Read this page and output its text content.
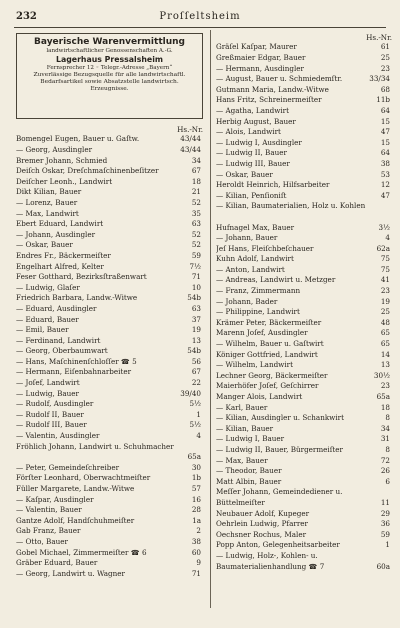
232	Proſſeltsheim
Bayerische Warenvermittlung
landwirtschaftlicher Genossenschaften A.-G.
Lagerhaus Pressalsheim
Fernsprecher 12 ◦ Telegr.-Adresse „Bayern“
Zuverlässige Bezugsquelle für alle landwirtschaftl. Bedarfsartikel sowie Absatzstelle landwirtsch. Erzeugnisse.
Hs.-Nr.
Bomengel Eugen, Bauer u. Gaſtw.	43/44
— Georg, Ausdingler	43/44
Bremer Johann, Schmied	34
Deiſch Oskar, Dreſchmaſchinenbeſitzer	67
Deiſcher Leonh., Landwirt	18
Dikt Kilian, Bauer	21
— Lorenz, Bauer	52
— Max, Landwirt	35
Ebert Eduard, Landwirt	63
— Johann, Ausdingler	52
— Oskar, Bauer	52
Endres Fr., Bäckermeiſter	59
Engelhart Alfred, Kelter	7½
Feser Gotthard, Bezirksſtraßenwart	71
— Ludwig, Glaſer	10
Friedrich Barbara, Landw.-Witwe	54b
— Eduard, Ausdingler	63
— Eduard, Bauer	37
— Emil, Bauer	19
— Ferdinand, Landwirt	13
— Georg, Oberbaumwart	54b
— Hans, Maſchinenſchloſſer ☎ 5	56
— Hermann, Eiſenbahnarbeiter	67
— Joſef, Landwirt	22
— Ludwig, Bauer	39/40
— Rudolf, Ausdingler	5½
— Rudolf II, Bauer	1
— Rudolf III, Bauer	5½
— Valentin, Ausdingler	4
Fröhlich Johann, Landwirt u. Schuhmacher
65a
— Peter, Gemeindeſchreiber	30
Förſter Leonhard, Oberwachtmeiſter	1b
Füller Margarete, Landw.-Witwe	57
— Kaſpar, Ausdingler	16
— Valentin, Bauer	28
Gantze Adolf, Handſchuhmeiſter	1a
Gab Franz, Bauer	2
— Otto, Bauer	38
Gobel Michael, Zimmermeiſter ☎ 6	60
Gräber Eduard, Bauer	9
— Georg, Landwirt u. Wagner	71
Hs.-Nr.
Gräſel Kaſpar, Maurer	61
Greßmaier Edgar, Bauer	25
— Hermann, Ausdingler	23
— August, Bauer u. Schmiedemſtr.	33/34
Gutmann Maria, Landw.-Witwe	68
Hans Fritz, Schreinermeiſter	11b
— Agatha, Landwirt	64
Herbig August, Bauer	15
— Alois, Landwirt	47
— Ludwig I, Ausdingler	15
— Ludwig II, Bauer	64
— Ludwig III, Bauer	38
— Oskar, Bauer	53
Heroldt Heinrich, Hilfsarbeiter	12
— Kilian, Penſioniſt	47
— Kilian, Baumaterialien, Holz u. Kohlen
Hufnagel Max, Bauer	3½
— Johann, Bauer	4
Jeſ Hans, Fleiſchbeſchauer	62a
Kuhn Adolf, Landwirt	75
— Anton, Landwirt	75
— Andreas, Landwirt u. Metzger	41
— Franz, Zimmermann	23
— Johann, Bader	19
— Philippine, Landwirt	25
Krämer Peter, Bäckermeiſter	48
Marenn Joſef, Ausdingler	65
— Wilhelm, Bauer u. Gaſtwirt	65
Königer Gottfried, Landwirt	14
— Wilhelm, Landwirt	13
Lechner Georg, Bäckermeiſter	30½
Maierhöfer Joſef, Geſchirrer	23
Manger Alois, Landwirt	65a
— Karl, Bauer	18
— Kilian, Ausdingler u. Schankwirt	8
— Kilian, Bauer	34
— Ludwig I, Bauer	31
— Ludwig II, Bauer, Bürgermeiſter	8
— Max, Bauer	72
— Theodor, Bauer	26
Matt Albin, Bauer	6
Meſſer Johann, Gemeindediener u. Büttelmeiſter	11
Neubauer Adolf, Kupeger	29
Oehrlein Ludwig, Pfarrer	36
Oechsner Rochus, Maler	59
Popp Anton, Gelegenheitsarbeiter	1
— Ludwig, Holz-, Kohlen- u. Baumaterialienhandlung ☎ 7	60a
